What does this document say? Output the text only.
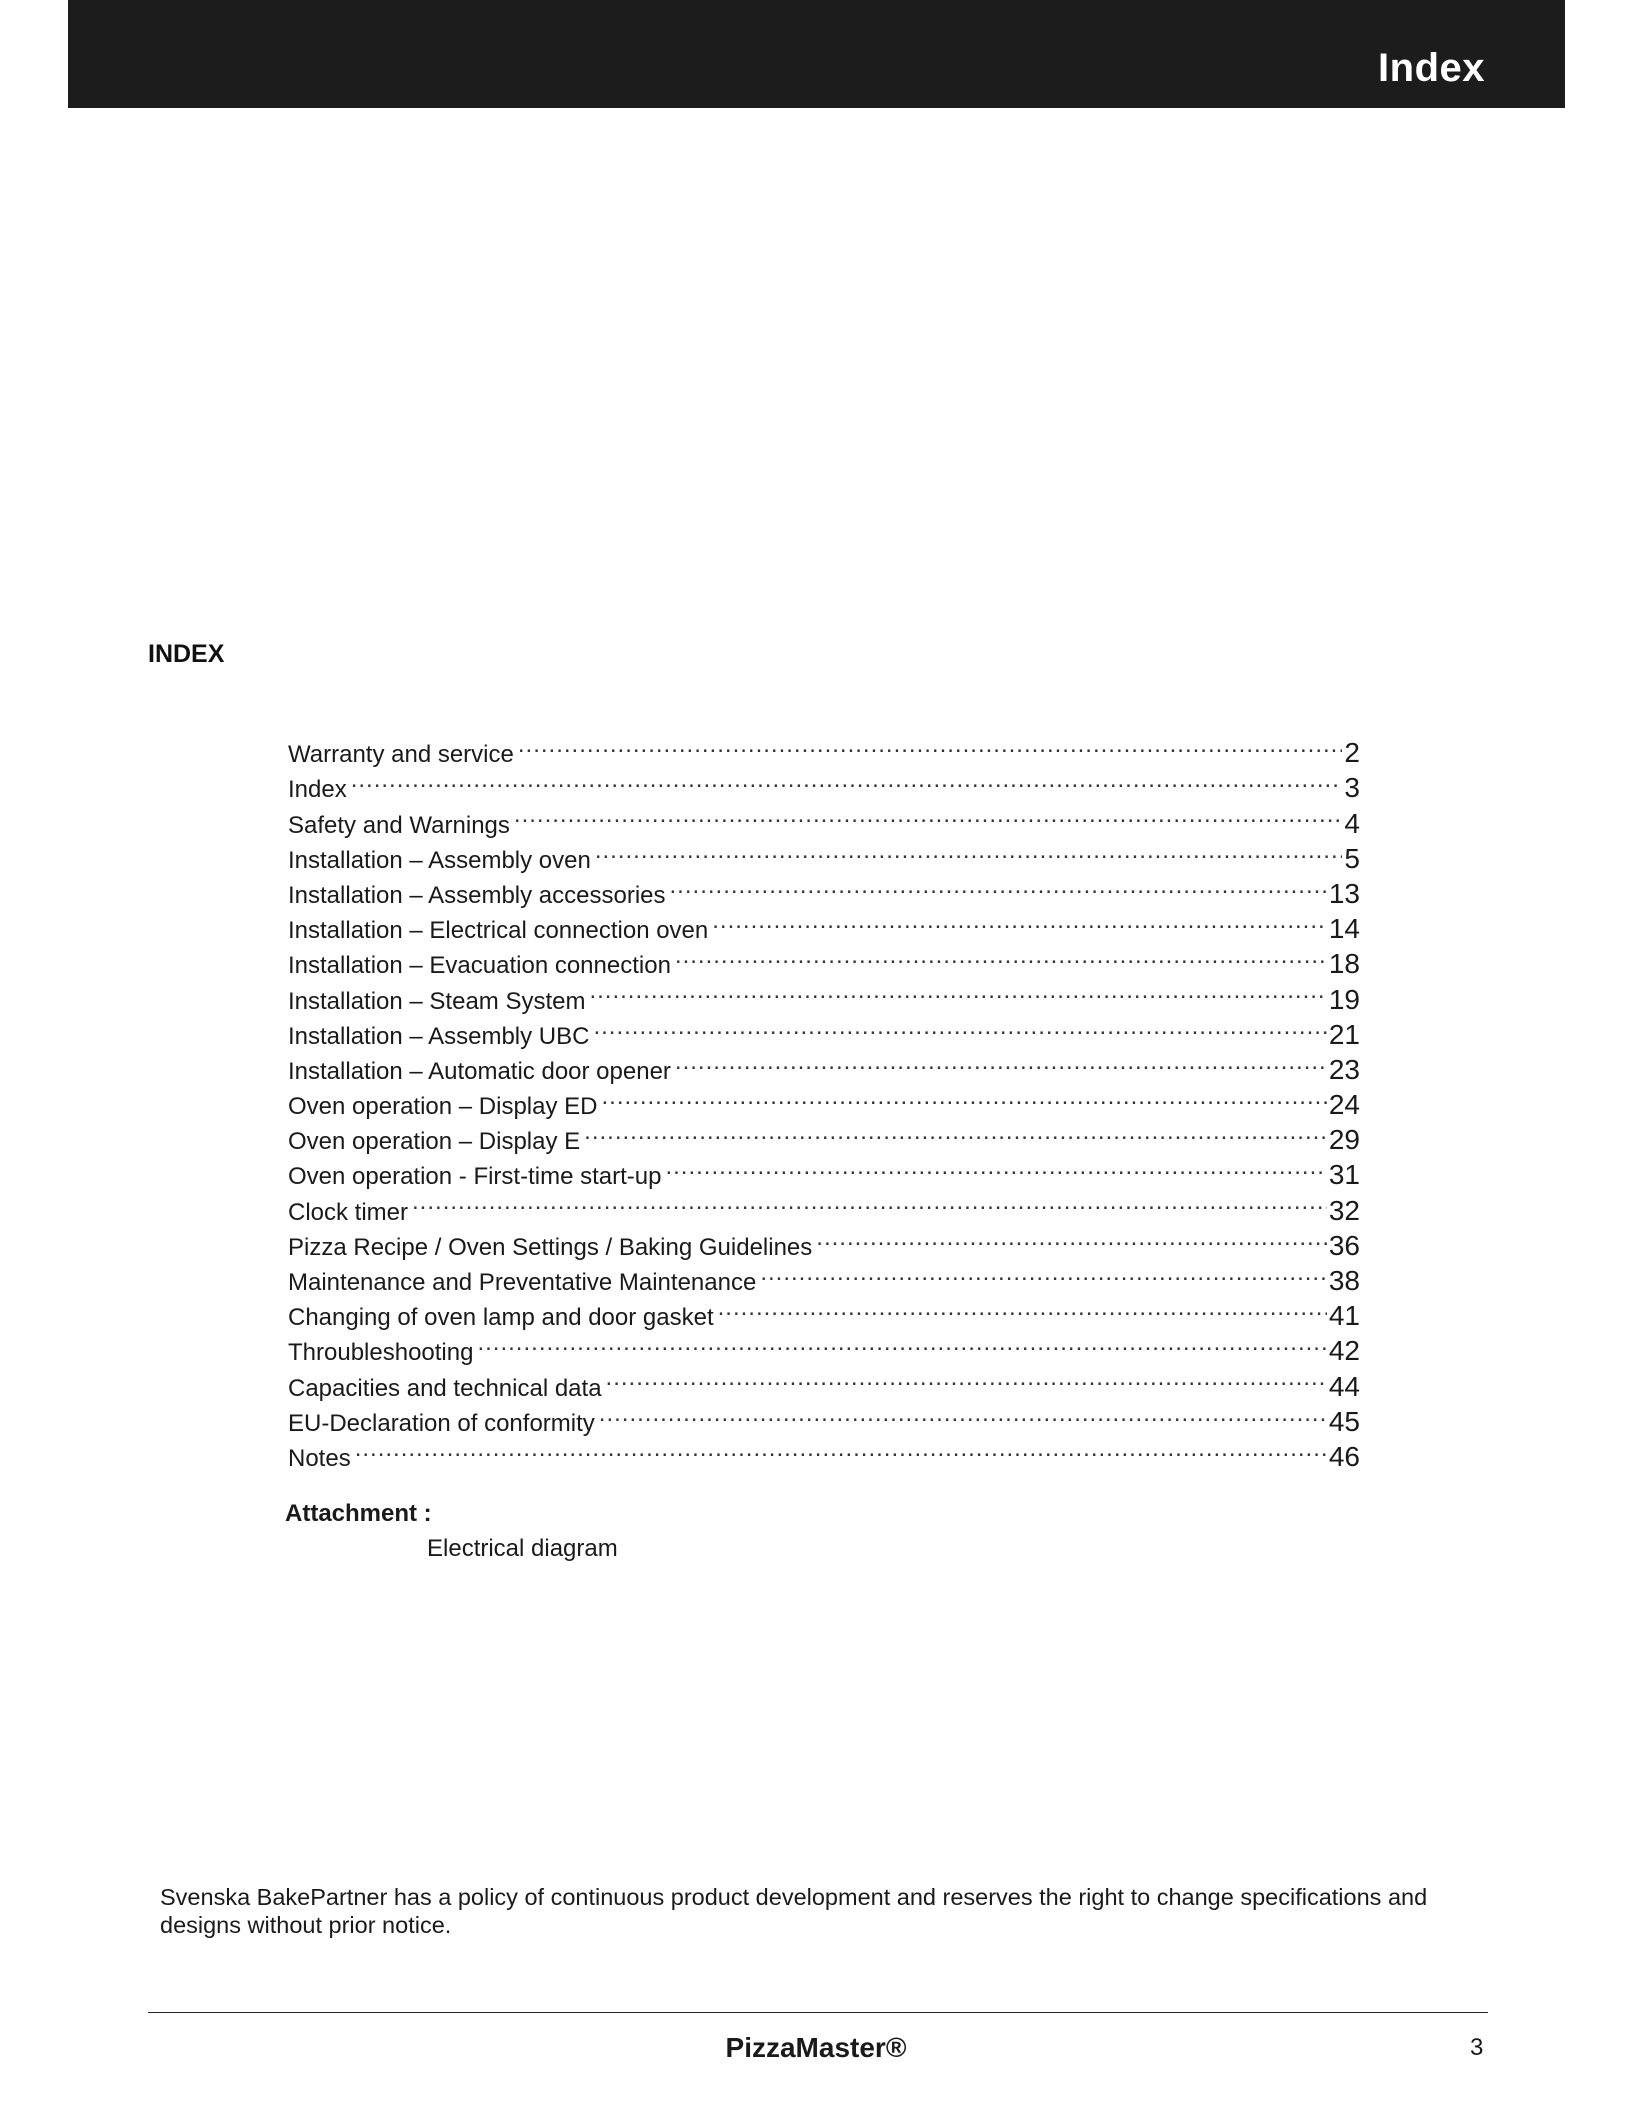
Index
INDEX
Warranty and service .....	2
Index .....	3
Safety and Warnings .....	4
Installation – Assembly oven .....	5
Installation – Assembly accessories .....	13
Installation – Electrical connection oven .....	14
Installation – Evacuation connection .....	18
Installation – Steam System .....	19
Installation – Assembly UBC .....	21
Installation – Automatic door opener .....	23
Oven operation – Display ED .....	24
Oven operation – Display E .....	29
Oven operation - First-time start-up .....	31
Clock timer .....	32
Pizza Recipe / Oven Settings / Baking Guidelines .....	36
Maintenance and Preventative Maintenance .....	38
Changing of oven lamp and door gasket .....	41
Throubleshooting .....	42
Capacities and technical data .....	44
EU-Declaration of conformity .....	45
Notes .....	46
Attachment :
Electrical diagram
Svenska BakePartner has a policy of continuous product development and reserves the right to change specifications and designs without prior notice.
PizzaMaster®	3
